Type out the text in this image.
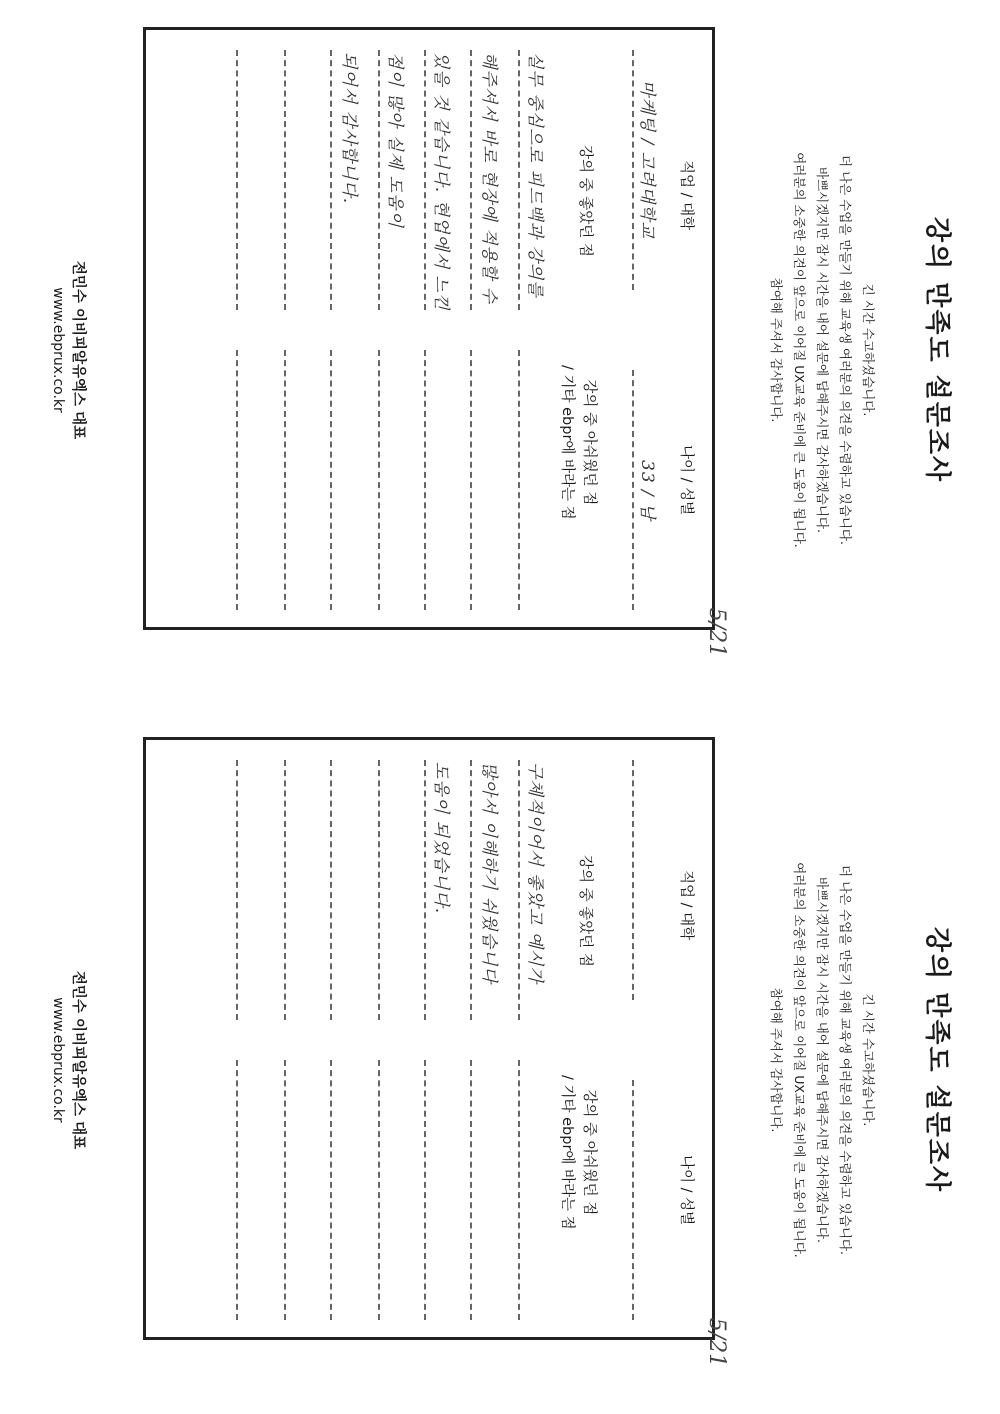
강의 만족도 설문조사
긴 시간 수고하셨습니다.
더 나은 수업을 만들기 위해 교육생 여러분의 의견을 수렴하고 있습니다.
바쁘시겠지만 잠시 시간을 내어 설문에 답해주시면 감사하겠습니다.
여러분의 소중한 의견이 앞으로 이어질 UX교육 준비에 큰 도움이 됩니다.
참여해 주셔서 감사합니다.
직업 / 대학
나이 / 성별
마케팅 / 고려대학교
33 / 남
강의 중 좋았던 점
강의 중 아쉬웠던 점
/ 기타 ebpr에 바라는 점
실무 중심으로 피드백과 강의를
해주셔서 바로 현장에 적용할 수
있을 것 같습니다. 현업에서 느낀
점이 많아 실제 도움이
되어서 감사합니다.
전민수 이비피알유엑스 대표
www.ebprux.co.kr
강의 만족도 설문조사
긴 시간 수고하셨습니다.
더 나은 수업을 만들기 위해 교육생 여러분의 의견을 수렴하고 있습니다.
바쁘시겠지만 잠시 시간을 내어 설문에 답해주시면 감사하겠습니다.
여러분의 소중한 의견이 앞으로 이어질 UX교육 준비에 큰 도움이 됩니다.
참여해 주셔서 감사합니다.
직업 / 대학
나이 / 성별
강의 중 좋았던 점
강의 중 아쉬웠던 점
/ 기타 ebpr에 바라는 점
구체적이어서 좋았고 예시가
많아서 이해하기 쉬웠습니다
도움이 되었습니다.
전민수 이비피알유엑스 대표
www.ebprux.co.kr
5/21
5/21
